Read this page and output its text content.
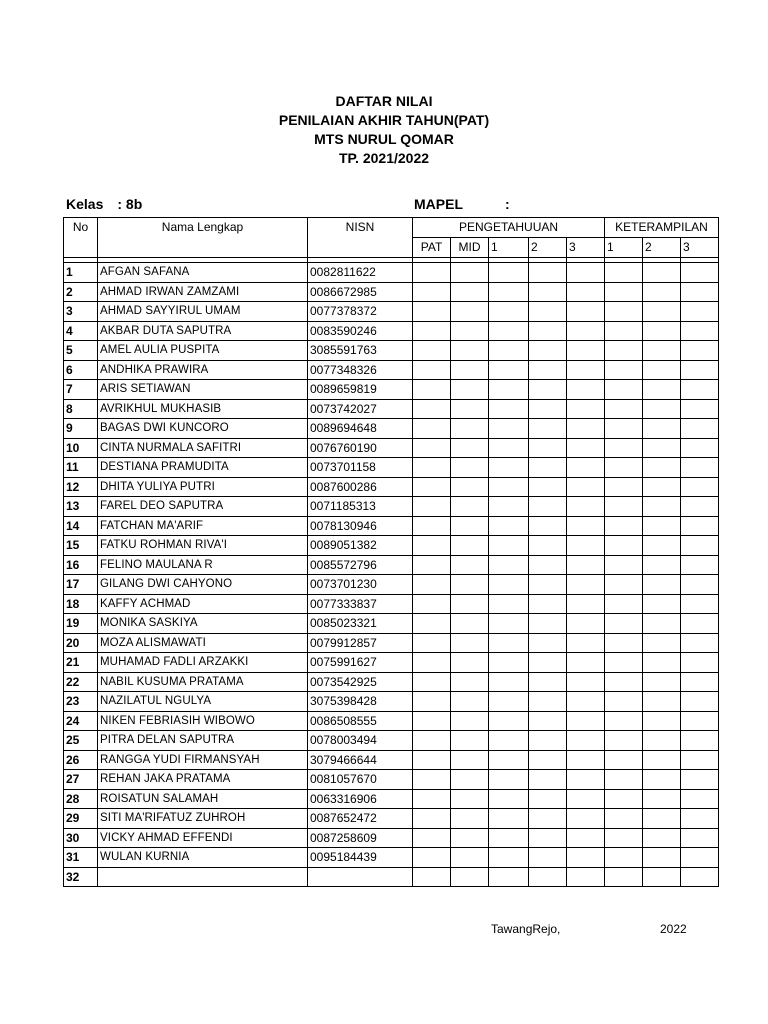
DAFTAR NILAI
PENILAIAN AKHIR TAHUN(PAT)
MTS NURUL QOMAR
TP. 2021/2022
Kelas : 8b	MAPEL	:
No	Nama Lengkap	NISN	PENGETAHUUAN					KETERAMPILAN		
			PAT	MID	1	2	3	1	2	3

1	AFGAN SAFANA	0082811622								
2	AHMAD IRWAN ZAMZAMI	0086672985								
3	AHMAD SAYYIRUL UMAM	0077378372								
4	AKBAR DUTA SAPUTRA	0083590246								
5	AMEL AULIA PUSPITA	3085591763								
6	ANDHIKA PRAWIRA	0077348326								
7	ARIS SETIAWAN	0089659819								
8	AVRIKHUL MUKHASIB	0073742027								
9	BAGAS DWI KUNCORO	0089694648								
10	CINTA NURMALA SAFITRI	0076760190								
11	DESTIANA PRAMUDITA	0073701158								
12	DHITA YULIYA PUTRI	0087600286								
13	FAREL DEO SAPUTRA	0071185313								
14	FATCHAN MA'ARIF	0078130946								
15	FATKU ROHMAN RIVA'I	0089051382								
16	FELINO MAULANA R	0085572796								
17	GILANG DWI CAHYONO	0073701230								
18	KAFFY ACHMAD	0077333837								
19	MONIKA SASKIYA	0085023321								
20	MOZA ALISMAWATI	0079912857								
21	MUHAMAD FADLI ARZAKKI	0075991627								
22	NABIL KUSUMA PRATAMA	0073542925								
23	NAZILATUL NGULYA	3075398428								
24	NIKEN FEBRIASIH WIBOWO	0086508555								
25	PITRA DELAN SAPUTRA	0078003494								
26	RANGGA YUDI FIRMANSYAH	3079466644								
27	REHAN JAKA PRATAMA	0081057670								
28	ROISATUN SALAMAH	0063316906								
29	SITI MA'RIFATUZ ZUHROH	0087652472								
30	VICKY AHMAD EFFENDI	0087258609								
31	WULAN KURNIA	0095184439								
32										
TawangRejo,	2022
